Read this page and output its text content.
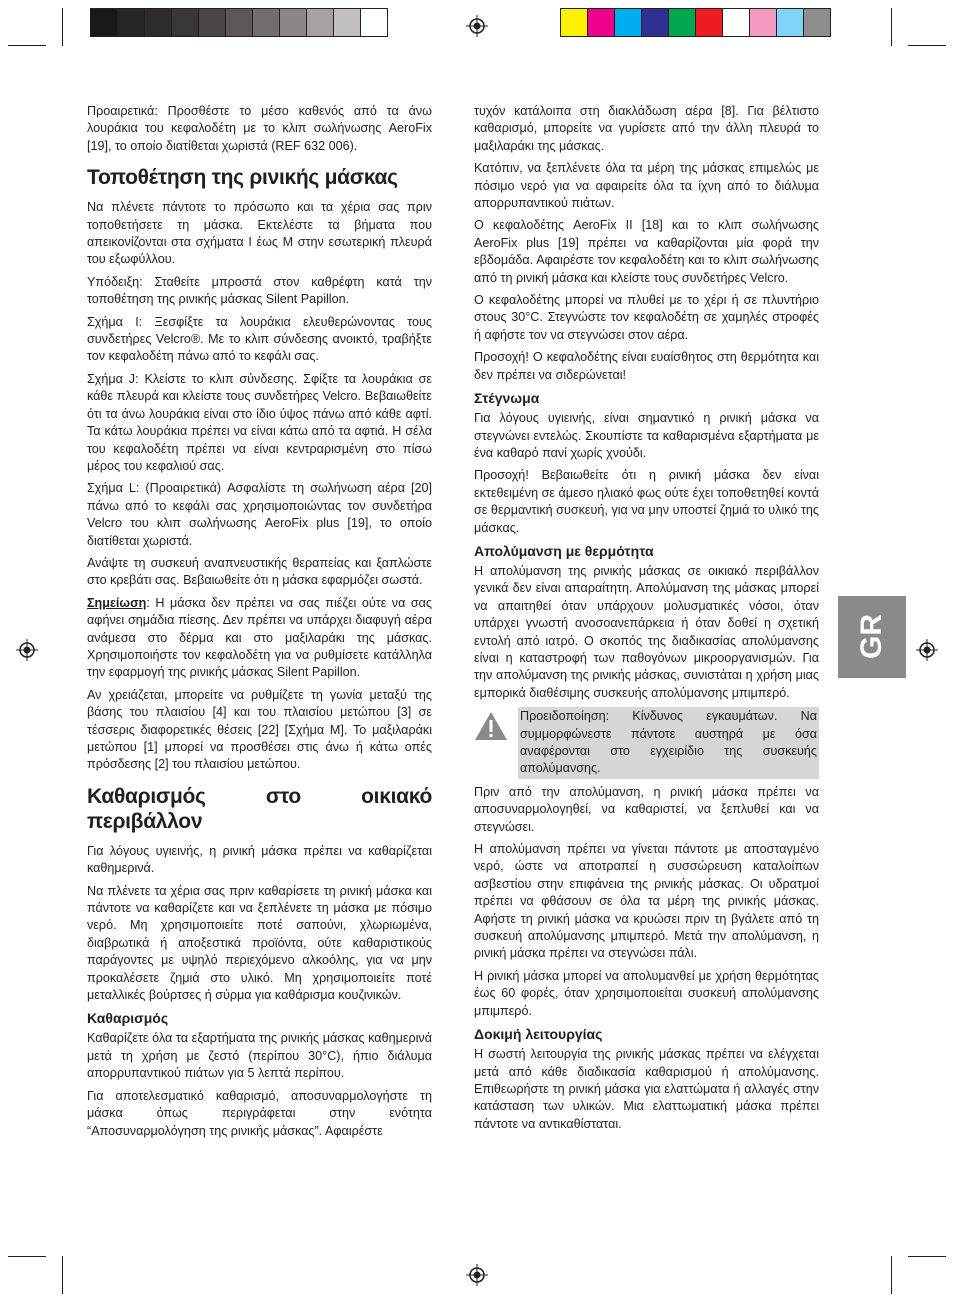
GR

Προαιρετικά: Προσθέστε το μέσο καθενός από τα άνω λουράκια του κεφαλοδέτη με το κλιπ σωλήνωσης AeroFix [19], το οποίο διατίθεται χωριστά (REF 632 006).

Τοποθέτηση της ρινικής μάσκας

Να πλένετε πάντοτε το πρόσωπο και τα χέρια σας πριν τοποθετήσετε τη μάσκα. Εκτελέστε τα βήματα που απεικονίζονται στα σχήματα I έως M στην εσωτερική πλευρά του εξωφύλλου.

Υπόδειξη: Σταθείτε μπροστά στον καθρέφτη κατά την τοποθέτηση της ρινικής μάσκας Silent Papillon.

Σχήμα I: Ξεσφίξτε τα λουράκια ελευθερώνοντας τους συνδετήρες Velcro®. Με το κλιπ σύνδεσης ανοικτό, τραβήξτε τον κεφαλοδέτη πάνω από το κεφάλι σας.

Σχήμα J: Κλείστε το κλιπ σύνδεσης. Σφίξτε τα λουράκια σε κάθε πλευρά και κλείστε τους συνδετήρες Velcro. Βεβαιωθείτε ότι τα άνω λουράκια είναι στο ίδιο ύψος πάνω από κάθε αφτί. Τα κάτω λουράκια πρέπει να είναι κάτω από τα αφτιά. Η σέλα του κεφαλοδέτη πρέπει να είναι κεντραρισμένη στο πίσω μέρος του κεφαλιού σας.

Σχήμα L: (Προαιρετικά) Ασφαλίστε τη σωλήνωση αέρα [20] πάνω από το κεφάλι σας χρησιμοποιώντας τον συνδετήρα Velcro του κλιπ σωλήνωσης AeroFix plus [19], το οποίο διατίθεται χωριστά.

Ανάψτε τη συσκευή αναπνευστικής θεραπείας και ξαπλώστε στο κρεβάτι σας. Βεβαιωθείτε ότι η μάσκα εφαρμόζει σωστά.

Σημείωση: Η μάσκα δεν πρέπει να σας πιέζει ούτε να σας αφήνει σημάδια πίεσης. Δεν πρέπει να υπάρχει διαφυγή αέρα ανάμεσα στο δέρμα και στο μαξιλαράκι της μάσκας. Χρησιμοποιήστε τον κεφαλοδέτη για να ρυθμίσετε κατάλληλα την εφαρμογή της ρινικής μάσκας Silent Papillon.

Αν χρειάζεται, μπορείτε να ρυθμίζετε τη γωνία μεταξύ της βάσης του πλαισίου [4] και του πλαισίου μετώπου [3] σε τέσσερις διαφορετικές θέσεις [22] [Σχήμα M]. Το μαξιλαράκι μετώπου [1] μπορεί να προσθέσει στις άνω ή κάτω οπές πρόσδεσης [2] του πλαισίου μετώπου.

Καθαρισμός στο οικιακό περιβάλλον

Για λόγους υγιεινής, η ρινική μάσκα πρέπει να καθαρίζεται καθημερινά.

Να πλένετε τα χέρια σας πριν καθαρίσετε τη ρινική μάσκα και πάντοτε να καθαρίζετε και να ξεπλένετε τη μάσκα με πόσιμο νερό. Μη χρησιμοποιείτε ποτέ σαπούνι, χλωριωμένα, διαβρωτικά ή αποξεστικά προϊόντα, ούτε καθαριστικούς παράγοντες με υψηλό περιεχόμενο αλκοόλης, για να μην προκαλέσετε ζημιά στο υλικό. Μη χρησιμοποιείτε ποτέ μεταλλικές βούρτσες ή σύρμα για καθάρισμα κουζινικών.

Καθαρισμός

Καθαρίζετε όλα τα εξαρτήματα της ρινικής μάσκας καθημερινά μετά τη χρήση με ζεστό (περίπου 30°C), ήπιο διάλυμα απορρυπαντικού πιάτων για 5 λεπτά περίπου.

Για αποτελεσματικό καθαρισμό, αποσυναρμολογήστε τη μάσκα όπως περιγράφεται στην ενότητα “Αποσυναρμολόγηση της ρινικής μάσκας”. Αφαιρέστε

τυχόν κατάλοιπα στη διακλάδωση αέρα [8]. Για βέλτιστο καθαρισμό, μπορείτε να γυρίσετε από την άλλη πλευρά το μαξιλαράκι της μάσκας.

Κατόπιν, να ξεπλένετε όλα τα μέρη της μάσκας επιμελώς με πόσιμο νερό για να αφαιρείτε όλα τα ίχνη από το διάλυμα απορρυπαντικού πιάτων.

Ο κεφαλοδέτης AeroFix II [18] και το κλιπ σωλήνωσης AeroFix plus [19] πρέπει να καθαρίζονται μία φορά την εβδομάδα. Αφαιρέστε τον κεφαλοδέτη και το κλιπ σωλήνωσης από τη ρινική μάσκα και κλείστε τους συνδετήρες Velcro.

Ο κεφαλοδέτης μπορεί να πλυθεί με το χέρι ή σε πλυντήριο στους 30°C. Στεγνώστε τον κεφαλοδέτη σε χαμηλές στροφές ή αφήστε τον να στεγνώσει στον αέρα.

Προσοχή! Ο κεφαλοδέτης είναι ευαίσθητος στη θερμότητα και δεν πρέπει να σιδερώνεται!

Στέγνωμα

Για λόγους υγιεινής, είναι σημαντικό η ρινική μάσκα να στεγνώνει εντελώς. Σκουπίστε τα καθαρισμένα εξαρτήματα με ένα καθαρό πανί χωρίς χνούδι.

Προσοχή! Βεβαιωθείτε ότι η ρινική μάσκα δεν είναι εκτεθειμένη σε άμεσο ηλιακό φως ούτε έχει τοποθετηθεί κοντά σε θερμαντική συσκευή, για να μην υποστεί ζημιά το υλικό της μάσκας.

Απολύμανση με θερμότητα

Η απολύμανση της ρινικής μάσκας σε οικιακό περιβάλλον γενικά δεν είναι απαραίτητη. Απολύμανση της μάσκας μπορεί να απαιτηθεί όταν υπάρχουν μολυσματικές νόσοι, όταν υπάρχει γνωστή ανοσοανεπάρκεια ή όταν δοθεί η σχετική εντολή από ιατρό. Ο σκοπός της διαδικασίας απολύμανσης είναι η καταστροφή των παθογόνων μικροοργανισμών. Για την απολύμανση της ρινικής μάσκας, συνιστάται η χρήση μιας εμπορικά διαθέσιμης συσκευής απολύμανσης μπιμπερό.

Προειδοποίηση: Κίνδυνος εγκαυμάτων. Να συμμορφώνεστε πάντοτε αυστηρά με όσα αναφέρονται στο εγχειρίδιο της συσκευής απολύμανσης.

Πριν από την απολύμανση, η ρινική μάσκα πρέπει να αποσυναρμολογηθεί, να καθαριστεί, να ξεπλυθεί και να στεγνώσει.

Η απολύμανση πρέπει να γίνεται πάντοτε με αποσταγμένο νερό, ώστε να αποτραπεί η συσσώρευση καταλοίπων ασβεστίου στην επιφάνεια της ρινικής μάσκας. Οι υδρατμοί πρέπει να φθάσουν σε όλα τα μέρη της ρινικής μάσκας. Αφήστε τη ρινική μάσκα να κρυώσει πριν τη βγάλετε από τη συσκευή απολύμανσης μπιμπερό. Μετά την απολύμανση, η ρινική μάσκα πρέπει να στεγνώσει πάλι.

Η ρινική μάσκα μπορεί να απολυμανθεί με χρήση θερμότητας έως 60 φορές, όταν χρησιμοποιείται συσκευή απολύμανσης μπιμπερό.

Δοκιμή λειτουργίας

Η σωστή λειτουργία της ρινικής μάσκας πρέπει να ελέγχεται μετά από κάθε διαδικασία καθαρισμού ή απολύμανσης. Επιθεωρήστε τη ρινική μάσκα για ελαττώματα ή αλλαγές στην κατάσταση των υλικών. Μια ελαττωματική μάσκα πρέπει πάντοτε να αντικαθίσταται.
